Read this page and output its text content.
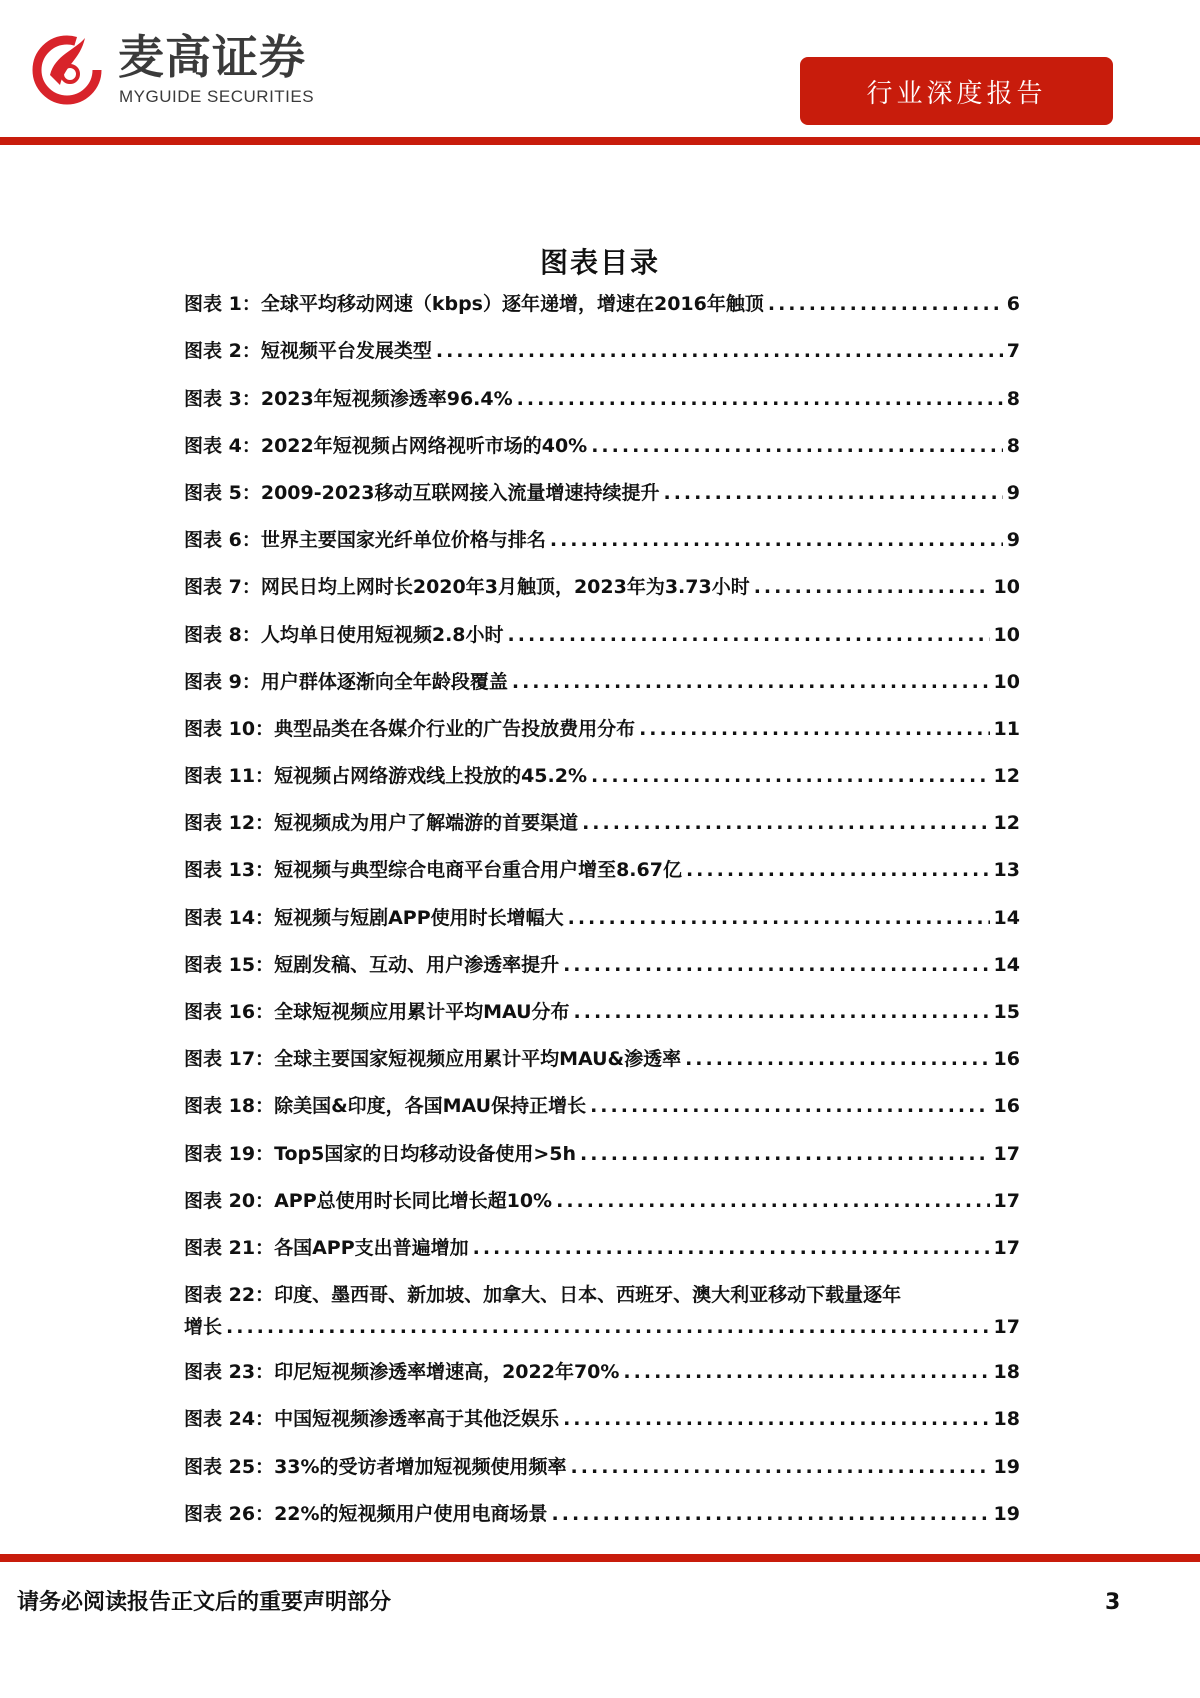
麦高证券
MYGUIDE SECURITIES	行业深度报告
图表目录
图表 1： 全球平均移动网速（kbps）逐年递增，增速在2016年触顶 .....	6
图表 2： 短视频平台发展类型 .....	7
图表 3： 2023年短视频渗透率96.4% .....	8
图表 4： 2022年短视频占网络视听市场的40% .....	8
图表 5： 2009-2023移动互联网接入流量增速持续提升 .....	9
图表 6： 世界主要国家光纤单位价格与排名 .....	9
图表 7： 网民日均上网时长2020年3月触顶，2023年为3.73小时 .....	10
图表 8： 人均单日使用短视频2.8小时 .....	10
图表 9： 用户群体逐渐向全年龄段覆盖 .....	10
图表 10： 典型品类在各媒介行业的广告投放费用分布 .....	11
图表 11： 短视频占网络游戏线上投放的45.2% .....	12
图表 12： 短视频成为用户了解端游的首要渠道 .....	12
图表 13： 短视频与典型综合电商平台重合用户增至8.67亿 .....	13
图表 14： 短视频与短剧APP使用时长增幅大 .....	14
图表 15： 短剧发稿、互动、用户渗透率提升 .....	14
图表 16： 全球短视频应用累计平均MAU分布 .....	15
图表 17： 全球主要国家短视频应用累计平均MAU&渗透率 .....	16
图表 18： 除美国&印度，各国MAU保持正增长 .....	16
图表 19： Top5国家的日均移动设备使用>5h .....	17
图表 20： APP总使用时长同比增长超10% .....	17
图表 21： 各国APP支出普遍增加 .....	17
图表 22： 印度、墨西哥、新加坡、加拿大、日本、西班牙、澳大利亚移动下载量逐年
增长 .....	17
图表 23： 印尼短视频渗透率增速高，2022年70% .....	18
图表 24： 中国短视频渗透率高于其他泛娱乐 .....	18
图表 25： 33%的受访者增加短视频使用频率 .....	19
图表 26： 22%的短视频用户使用电商场景 .....	19
请务必阅读报告正文后的重要声明部分	3
